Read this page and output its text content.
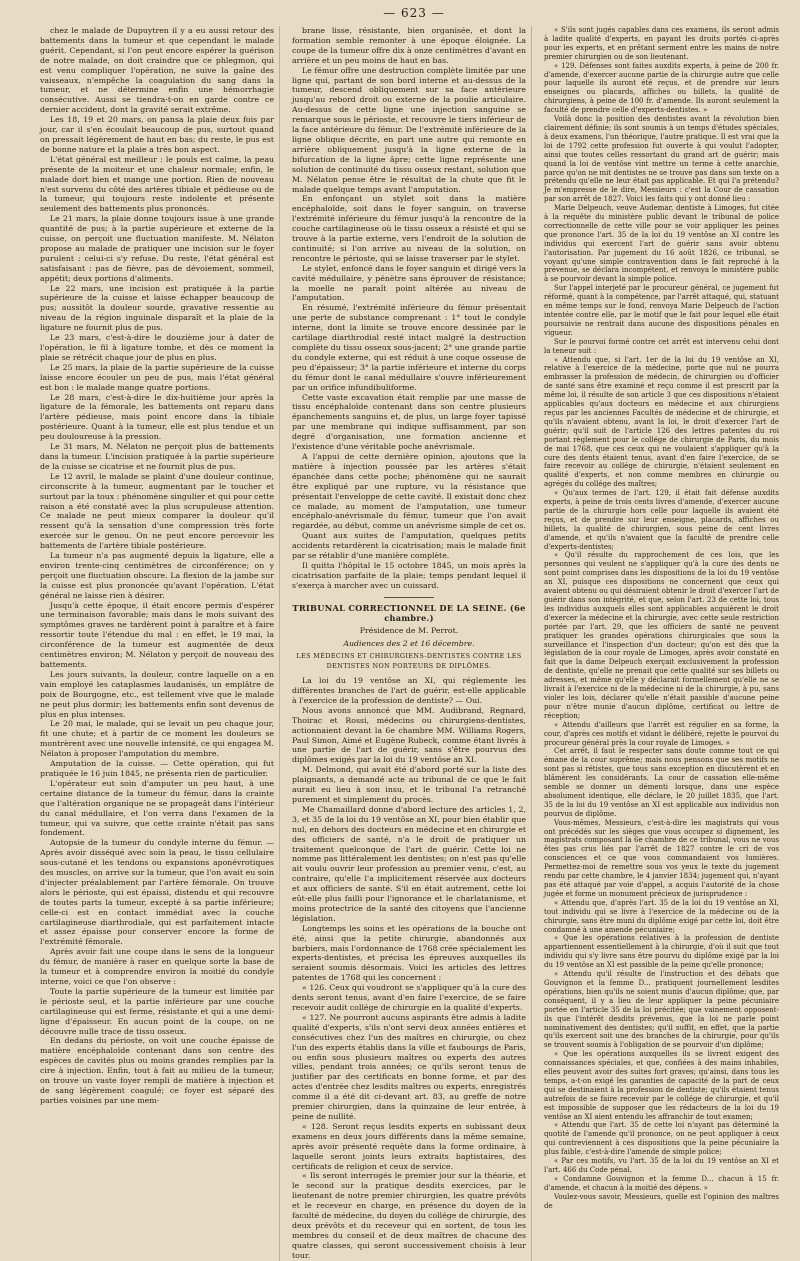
— 623 —

chez le malade de Dupuytren il y a eu aussi retour des battements dans la tumeur et que cependant le malade guérit. Cependant, si l'on peut encore espérer la guérison de notre malade, on doit craindre que ce phlegmon, qui est venu compliquer l'opération, ne suive la gaîne des vaisseaux, n'empêche la coagulation du sang dans la tumeur, et ne détermine enfin une hémorrhagie consécutive. Aussi se tiendra-t-on en garde contre ce dernier accident, dont la gravité serait extrême.

Les 18, 19 et 20 mars, on pansa la plaie deux fois par jour, car il s'en écoulait beaucoup de pus, surtout quand on pressait légèrement de haut en bas; du reste, le pus est de bonne nature et la plaie a très bon aspect.

L'état général est meilleur : le pouls est calme, la peau présente de la moiteur et une chaleur normale; enfin, le malade dort bien et mange une portion. Rien de nouveau n'est survenu du côté des artères tibiale et pédieuse ou de la tumeur, qui toujours reste indolente et présente seulement des battements plus prononcés.

Le 21 mars, la plaie donne toujours issue à une grande quantité de pus; à la partie supérieure et externe de la cuisse, on perçoit une fluctuation manifeste. M. Nélaton propose au malade de pratiquer une incision sur le foyer purulent : celui-ci s'y refuse. Du reste, l'état général est satisfaisant : pas de fièvre, pas de dévoiement, sommeil, appétit; deux portions d'aliments.

Le 22 mars, une incision est pratiquée à la partie supérieure de la cuisse et laisse échapper beaucoup de pus; aussitôt la douleur sourde, gravative ressentie au niveau de la région inguinale disparaît et la plaie de la ligature ne fournit plus de pus.

Le 23 mars, c'est-à-dire le douzième jour à dater de l'opération, le fil à ligature tombe, et dès ce moment la plaie se rétrécit chaque jour de plus en plus.

Le 25 mars, la plaie de la partie supérieure de la cuisse laisse encore écouler un peu de pus, mais l'état général est bon : le malade mange quatre portions.

Le 28 mars, c'est-à-dire le dix-huitième jour après la ligature de la fémorale, les battements ont reparu dans l'artère pédieuse, mais point encore dans la tibiale postérieure. Quant à la tumeur, elle est plus tendue et un peu douloureuse à la pression.

Le 31 mars, M. Nélaton ne perçoit plus de battements dans la tumeur. L'incision pratiquée à la partie supérieure de la cuisse se cicatrise et ne fournit plus de pus.

Le 12 avril, le malade se plaint d'une douleur continue, circonscrite à la tumeur, augmentant par le toucher et surtout par la toux : phénomène singulier et qui pour cette raison a été constaté avec la plus scrupuleuse attention. Ce malade ne peut mieux comparer la douleur qu'il ressent qu'à la sensation d'une compression très forte exercée sur le genou. On ne peut encore percevoir les battements de l'artère tibiale postérieure.

La tumeur n'a pas augmenté depuis la ligature, elle a environ trente-cinq centimètres de circonférence; on y perçoit une fluctuation obscure. La flexion de la jambe sur la cuisse est plus prononcée qu'avant l'opération. L'état général ne laisse rien à désirer.

Jusqu'à cette époque, il était encore permis d'espérer une terminaison favorable; mais dans le mois suivant des symptômes graves ne tardèrent point à paraître et à faire ressortir toute l'étendue du mal : en effet, le 19 mai, la circonférence de la tumeur est augmentée de deux centimètres environ; M. Nélaton y perçoit de nouveau des battements.

Les jours suivants, la douleur, contre laquelle on a en vain employé les cataplasmes laudanisés, un emplâtre de poix de Bourgogne, etc., est tellement vive que le malade ne peut plus dormir; les battements enfin sont devenus de plus en plus intenses.

Le 20 mai, le malade, qui se levait un peu chaque jour, fit une chute; et à partir de ce moment les douleurs se montrèrent avec une nouvelle intensité, ce qui engagea M. Nélaton à proposer l'amputation du membre.

Amputation de la cuisse. — Cette opération, qui fut pratiquée le 16 juin 1845, ne présenta rien de particulier.

L'opérateur eut soin d'amputer un peu haut, à une certaine distance de la tumeur du fémur, dans la crainte que l'altération organique ne se propageât dans l'intérieur du canal médullaire, et l'on verra dans l'examen de la tumeur, qui va suivre, que cette crainte n'était pas sans fondement.

Autopsie de la tumeur du condyle interne du fémur. — Après avoir disséqué avec soin la peau, le tissu cellulaire sous-cutané et les tendons ou expansions aponévrotiques des muscles, on arrive sur la tumeur, que l'on avait eu soin d'injecter préalablement par l'artère fémorale. On trouve alors le périoste, qui est épaissi, distendu et qui recouvre de toutes parts la tumeur, excepté à sa partie inférieure; celle-ci est en contact immédiat avec la couche cartilagineuse diarthrodiale, qui est parfaitement intacte et assez épaisse pour conserver encore la forme de l'extrémité fémorale.

Après avoir fait une coupe dans le sens de la longueur du fémur, de manière à raser en quelque sorte la base de la tumeur et à comprendre environ la moitié du condyle interne, voici ce que l'on observe :

Toute la partie supérieure de la tumeur est limitée par le périoste seul, et la partie inférieure par une couche cartilagineuse qui est ferme, résistante et qui a une demi-ligne d'épaisseur. En aucun point de la coupe, on ne découvre nulle trace de tissu osseux.

En dedans du périoste, on voit une couche épaisse de matière encéphaloïde contenant dans son centre des espèces de cavités plus ou moins grandes remplies par la cire à injection. Enfin, tout à fait au milieu de la tumeur, on trouve un vaste foyer rempli de matière à injection et de sang légèrement coagulé; ce foyer est séparé des parties voisines par une mem-

brane lisse, résistante, bien organisée, et dont la formation semble remonter à une époque éloignée. La coupe de la tumeur offre dix à onze centimètres d'avant en arrière et un peu moins de haut en bas.

Le fémur offre une destruction complète limitée par une ligne qui, partant de son bord interne et au-dessus de la tumeur, descend obliquement sur sa face antérieure jusqu'au rebord droit ou externe de la poulie articulaire. Au-dessus de cette ligne une injection sanguine se remarque sous le périoste, et recouvre le tiers inférieur de la face antérieure du fémur. De l'extrémité inférieure de la ligne oblique décrite, en part une autre qui remonte en arrière obliquement jusqu'à la ligne externe de la bifurcation de la ligne âpre; cette ligne représente une solution de continuité du tissu osseux restant, solution que M. Nélaton pense être le résultat de la chute que fit le malade quelque temps avant l'amputation.

En enfonçant un stylet soit dans la matière encéphaloïde, soit dans le foyer sanguin, on traverse l'extrémité inférieure du fémur jusqu'à la rencontre de la couche cartilagineuse où le tissu osseux a résisté et qui se trouve à la partie externe, vers l'endroit de la solution de continuité; si l'on arrive au niveau de la solution, on rencontre le périoste, qui se laisse traverser par le stylet.

Le stylet, enfoncé dans le foyer sanguin et dirigé vers la cavité médullaire, y pénètre sans éprouver de résistance; la moelle ne paraît point altérée au niveau de l'amputation.

En résumé, l'extrémité inférieure du fémur présentait une perte de substance comprenant : 1° tout le condyle interne, dont la limite se trouve encore dessinée par le cartilage diarthrodial resté intact malgré la destruction complète du tissu osseux sous-jacent; 2° une grande partie du condyle externe, qui est réduit à une coque osseuse de peu d'épaisseur; 3° la partie inférieure et interne du corps du fémur dont le canal médullaire s'ouvre inférieurement par un orifice infundibuliforme.

Cette vaste excavation était remplie par une masse de tissu encéphaloïde contenant dans son centre plusieurs épanchements sanguins et, de plus, un large foyer tapissé par une membrane qui indique suffisamment, par son degré d'organisation, une formation ancienne et l'existence d'une véritable poche anévrismale.

A l'appui de cette dernière opinion, ajoutons que la matière à injection poussée par les artères s'était épanchée dans cette poche; phénomène qui ne saurait être expliqué par une rupture, vu la résistance que présentait l'enveloppe de cette cavité. Il existait donc chez ce malade, au moment de l'amputation, une tumeur encéphalo-anévrismale du fémur, tumeur que l'on avait regardée, au début, comme un anévrisme simple de cet os.

Quant aux suites de l'amputation, quelques petits accidents retardèrent la cicatrisation; mais le malade finit par se rétablir d'une manière complète.

Il quitta l'hôpital le 15 octobre 1845, un mois après la cicatrisation parfaite de la plaie; temps pendant lequel il s'exerça à marcher avec un cuissard.

TRIBUNAL CORRECTIONNEL DE LA SEINE. (6e chambre.)
Présidence de M. Perrot.
Audiences des 2 et 16 décembre.
LES MÉDECINS ET CHIRURGIENS-DENTISTES CONTRE LES DENTISTES NON PORTEURS DE DIPLÔMES.

La loi du 19 ventôse an XI, qui réglemente les différentes branches de l'art de guérir, est-elle applicable à l'exercice de la profession de dentiste? — Oui.

Nous avons annoncé que MM. Audibrand, Regnard, Thoirac et Rossi, médecins ou chirurgiens-dentistes, actionnaient devant la 6e chambre MM. Williams Rogers, Paul Simon, Aimé et Eugène Rubeck, comme étant livrés à une partie de l'art de guérir, sans s'être pourvus des diplômes exigés par la loi du 19 ventôse an XI.

M. Delmond, qui avait été d'abord porté sur la liste des plaignants, a demandé acte au tribunal de ce que le fait aurait eu lieu à son insu, et le tribunal l'a retranché purement et simplement du procès.

Me Chamaillard donne d'abord lecture des articles 1, 2, 3, et 35 de la loi du 19 ventôse an XI, pour bien établir que nul, en dehors des docteurs en médecine et en chirurgie et des officiers de santé, n'a le droit de pratiquer un traitement quelconque de l'art de guérir. Cette loi ne nomme pas littéralement les dentistes; on n'est pas qu'elle ait voulu ouvrir leur profession au premier venu, c'est, au contraire, qu'elle l'a implicitement réservée aux docteurs et aux officiers de santé. S'il en était autrement, cette loi eût-elle plus failli pour l'ignorance et le charlatanisme, et moins protectrice de la santé des citoyens que l'ancienne législation.

Longtemps les soins et les opérations de la bouche ont été, ainsi que la petite chirurgie, abandonnés aux barbiers, mais l'ordonnance de 1768 crée spécialement les experts-dentistes, et précisa les épreuves auxquelles ils seraient soumis désormais. Voici les articles des lettres patentes de 1768 qui les concernent :

« 126. Ceux qui voudront se s'appliquer qu'à la cure des dents seront tenus, avant d'en faire l'exercice, de se faire recevoir audit collége de chirurgie en la qualité d'experts.

« 127. Ne pourront aucuns aspirants être admis à ladite qualité d'experts, s'ils n'ont servi deux années entières et consécutives chez l'un des maîtres en chirurgie, ou chez l'un des experts établis dans la ville et faubourgs de Paris, ou enfin sous plusieurs maîtres ou experts des autres villes, pendant trois années; ce qu'ils seront tenus de justifier par des certificats en bonne forme, et par des actes d'entrée chez lesdits maîtres ou experts, enregistrés comme il a été dit ci-devant art. 83, au greffe de notre premier chirurgien, dans la quinzaine de leur entrée, à peine de nullité.

« 128. Seront reçus lesdits experts en subissant deux examens en deux jours différents dans la même semaine, après avoir présenté requête dans la forme ordinaire, à laquelle seront joints leurs extraits baptistaires, des certificats de religion et ceux de service.

« Ils seront interrogés le premier jour sur la théorie, et le second sur la pratique desdits exercices, par le lieutenant de notre premier chirurgien, les quatre prévôts et le receveur en charge, en présence du doyen de la faculté de médecine, du doyen du collége de chirurgie, des deux prévôts et du receveur qui en sortent, de tous les membres du conseil et de deux maîtres de chacune des quatre classes, qui seront successivement choisis à leur tour.

« S'ils sont jugés capables dans ces examens, ils seront admis à ladite qualité d'experts, en payant les droits portés ci-après pour les experts, et en prêtant serment entre les mains de notre premier chirurgien ou de son lieutenant.

« 129. Défenses sont faites auxdits experts, à peine de 200 fr. d'amende, d'exercer aucune partie de la chirurgie autre que celle pour laquelle ils auront été reçus, et de prendre sur leurs enseignes ou placards, affiches ou billets, la qualité de chirurgiens, à peine de 100 fr. d'amende. Ils auront seulement la faculté de prendre celle d'experts-dentistes. »

Voilà donc la position des dentistes avant la révolution bien clairement définie; ils sont soumis à un temps d'études spéciales, à deux examens, l'un théorique, l'autre pratique. Il est vrai que la loi de 1792 cette profession fut ouverte à qui voulut l'adopter, ainsi que toutes celles ressortant du grand art de guérir; mais quand la loi de ventôse vint mettre un terme à cette anarchie, parce qu'on ne mit dentistes ne se trouve pas dans son texte on a prétendu qu'elle ne leur était pas applicable. Et qui l'a prétendu? Je m'empresse de le dire, Messieurs : c'est la Cour de cassation par son arrêt de 1827. Voici les faits qui y ont donné lieu :

Marie Delpeuch, veuve Audemar, dentiste à Limoges, fut citée à la requête du ministère public devant le tribunal de police correctionnelle de cette ville pour se voir appliquer les peines que prononce l'art. 35 de la loi du 19 ventôse an XI contre les individus qui exercent l'art de guérir sans avoir obtenu l'autorisation. Par jugement du 16 août 1826, ce tribunal, se voyant qu'une simple contravention dans le fait reproché à la prévenue, se déclara incompétent, et renvoya le ministère public à se pourvoir devant la simple police.

Sur l'appel interjeté par le procureur général, ce jugement fut réformé, quant à la compétence, par l'arrêt attaqué, qui, statuant en même temps sur le fond, renvoya Marie Delpeuch de l'action intentée contre elle, par le motif que le fait pour lequel elle était poursuivie ne rentrait dans aucune des dispositions pénales en vigueur.

Sur le pourvoi formé contre cet arrêt est intervenu celui dont la teneur suit :

« Attendu que, si l'art. 1er de la loi du 19 ventôse an XI, relative à l'exercice de la médecine, porte que nul ne pourra embrasser la profession de médecin, de chirurgien ou d'officier de santé sans être examiné et reçu comme il est prescrit par la même loi, il résulte de son article 3 que ces dispositions n'étaient applicables qu'aux docteurs en médecine et aux chirurgiens reçus par les anciennes Facultés de médecine et de chirurgie, et qu'ils n'avaient obtenu, avant la loi, le droit d'exercer l'art de guérir; qu'il suit de l'article 126 des lettres patentes du roi portant règlement pour le collége de chirurgie de Paris, du mois de mai 1768, que ces ceux qui ne voulaient s'appliquer qu'à la cure des dents étaient tenus, avant d'en faire l'exercice, de se faire recevoir au collége de chirurgie, n'étaient seulement en qualité d'experts, et non comme membres en chirurgie ou agrégés du collége des maîtres;

« Qu'aux termes de l'art. 129, il était fait défense auxdits experts, à peine de trois cents livres d'amende, d'exercer aucune partie de la chirurgie hors celle pour laquelle ils avaient été reçus, et de prendre sur leur enseigne, placards, affiches ou billets, la qualité de chirurgien, sous peine de cent livres d'amende, et qu'ils n'avaient que la faculté de prendre celle d'experts-dentistes;

« Qu'il résulte du rapprochement de ces lois, que les personnes qui veulent ne s'appliquer qu'à la cure des dents ne sont point comprises dans les dispositions de la loi du 19 ventôse an XI, puisque ces dispositions ne concernent que ceux qui avaient obtenu ou qui désiraient obtenir le droit d'exercer l'art de guérir dans son intégrité, et que, selon l'art. 23 de cette loi, tous les individus auxquels elles sont applicables acquièrent le droit d'exercer la médecine et la chirurgie, avec cette seule restriction portée par l'art. 29, que les officiers de santé ne peuvent pratiquer les grandes opérations chirurgicales que sous la surveillance et l'inspection d'un docteur; qu'on est dès que la législation de la cour royale de Limoges, après avoir constaté en fait que la dame Delpeuch exerçait exclusivement la profession de dentiste, qu'elle ne prenait que cette qualité sur ses billets ou adresses, et même qu'elle y déclarait formellement qu'elle ne se livrait à l'exercice ni de la médecine ni de la chirurgie, à pu, sans violer les lois, déclarer qu'elle n'était passible d'aucune peine pour n'être munie d'aucun diplôme, certificat ou lettre de réception;

« Attendu d'ailleurs que l'arrêt est régulier en sa forme, la cour, d'après ces motifs et vidant le délibéré, rejette le pourvoi du procureur général près la cour royale de Limoges. »

Cet arrêt, il faut le respecter sans doute comme tout ce qui émane de la cour suprême; mais nous pensons que ses motifs ne sont pas si rétistes, que tous sans exception en discutèrent et en blâmèrent les considérants. La cour de cassation elle-même semble se donner un démenti lorsque, dans une espèce absolument identique, elle déclare, le 20 juillet 1835, que l'art. 35 de la loi du 19 ventôse an XI est applicable aux individus non pourvus de diplôme.

Vous-mêmes, Messieurs, c'est-à-dire les magistrats qui vous ont précédés sur les sièges que vous occupez si dignement, les magistrats composant la 6e chambre de ce tribunal, vous ne vous êtes pas crus liés par l'arrêt de 1827 contre le cri de vos consciences et ce que vous commandaient vos lumières. Permettez-moi de remettre sous vos yeux le texte du jugement rendu par cette chambre, le 4 janvier 1834; jugement qui, n'ayant pas été attaqué par voie d'appel, a acquis l'autorité de la chose jugée et forme un monument précieux de jurisprudence :

« Attendu que, d'après l'art. 35 de la loi du 19 ventôse an XI, tout individu qui se livre à l'exercice de la médecine ou de la chirurgie, sans être muni du diplôme exigé par cette loi, doit être condamné à une amende pécuniaire;

« Que les opérations relatives à la profession de dentiste appartiennent essentiellement à la chirurgie, d'où il suit que tout individu qui s'y livre sans être pourvu du diplôme exigé par la loi du 19 ventôse an XI est passible de la peine qu'elle prononce;

« Attendu qu'il résulte de l'instruction et des débats que Gouvignon et la femme D... pratiquent journellement lesdites opérations, bien qu'ils ne soient munis d'aucun diplôme; que, par conséquent, il y a lieu de leur appliquer la peine pécuniaire portée en l'article 35 de la loi précitée; que vainement opposent-ils que l'intérêt desdits prévenus, que la loi ne parle point nominativement des dentistes; qu'il suffit, en effet, que la partie qu'ils exercent soit une des branches de la chirurgie, pour qu'ils se trouvent soumis à l'obligation de se pourvoir d'un diplôme;

« Que les opérations auxquelles ils se livrent exigent des connaissances spéciales, et que, confiées à des mains inhabiles, elles peuvent avoir des suites fort graves; qu'ainsi, dans tous les temps, a-t-on exigé les garanties de capacité de la part de ceux qui se destinaient à la profession de dentiste; qu'ils étaient tenus autrefois de se faire recevoir par le collége de chirurgie, et qu'il est impossible de supposer que les rédacteurs de la loi du 19 ventôse an XI aient entendu les affranchir de tout examen;

« Attendu que l'art. 35 de cette loi n'ayant pas déterminé la quotité de l'amende qu'il prononce, on ne peut appliquer à ceux qui contreviennent à ces dispositions que la peine pécuniaire la plus faible, c'est-à-dire l'amende de simple police;

« Par ces motifs, vu l'art. 35 de la loi du 19 ventôse an XI et l'art. 466 du Code pénal,

« Condamne Gouvignon et la femme D... chacun à 15 fr. d'amende, et chacun à la moitié des dépens. »

Voulez-vous savoir, Messieurs, quelle est l'opinion des maîtres de
